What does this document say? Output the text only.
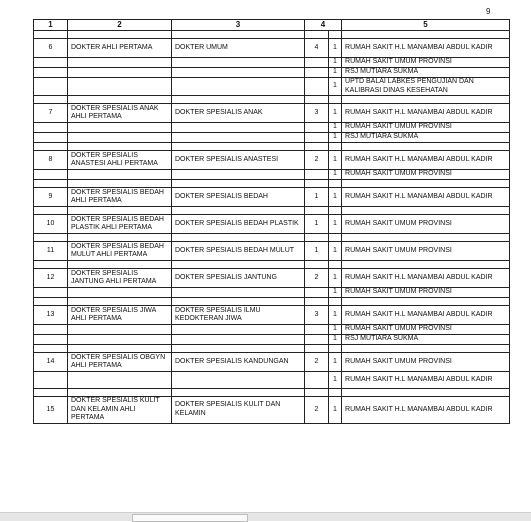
9
1	2	3	4		5

6	DOKTER AHLI PERTAMA	DOKTER UMUM	4	1	RUMAH SAKIT H.L MANAMBAI ABDUL KADIR
				1	RUMAH SAKIT UMUM PROVINSI
				1	RSJ MUTIARA SUKMA
				1	UPTD BALAI LABKES PENGUJIAN DAN KALIBRASI DINAS KESEHATAN

7	DOKTER SPESIALIS ANAK AHLI PERTAMA	DOKTER SPESIALIS ANAK	3	1	RUMAH SAKIT H.L MANAMBAI ABDUL KADIR
				1	RUMAH SAKIT UMUM PROVINSI
				1	RSJ MUTIARA SUKMA

8	DOKTER SPESIALIS ANASTESI AHLI PERTAMA	DOKTER SPESIALIS ANASTESI	2	1	RUMAH SAKIT H.L MANAMBAI ABDUL KADIR
				1	RUMAH SAKIT UMUM PROVINSI

9	DOKTER SPESIALIS BEDAH AHLI PERTAMA	DOKTER SPESIALIS BEDAH	1	1	RUMAH SAKIT H.L MANAMBAI ABDUL KADIR

10	DOKTER SPESIALIS BEDAH PLASTIK AHLI PERTAMA	DOKTER SPESIALIS BEDAH PLASTIK	1	1	RUMAH SAKIT UMUM PROVINSI

11	DOKTER SPESIALIS BEDAH MULUT AHLI PERTAMA	DOKTER SPESIALIS BEDAH MULUT	1	1	RUMAH SAKIT UMUM PROVINSI

12	DOKTER SPESIALIS JANTUNG AHLI PERTAMA	DOKTER SPESIALIS JANTUNG	2	1	RUMAH SAKIT H.L MANAMBAI ABDUL KADIR
				1	RUMAH SAKIT UMUM PROVINSI

13	DOKTER SPESIALIS JIWA AHLI PERTAMA	DOKTER SPESIALIS ILMU KEDOKTERAN JIWA	3	1	RUMAH SAKIT H.L MANAMBAI ABDUL KADIR
				1	RUMAH SAKIT UMUM PROVINSI
				1	RSJ MUTIARA SUKMA

14	DOKTER SPESIALIS OBGYN AHLI PERTAMA	DOKTER SPESIALIS KANDUNGAN	2	1	RUMAH SAKIT UMUM PROVINSI
				1	RUMAH SAKIT H.L MANAMBAI ABDUL KADIR

15	DOKTER SPESIALIS KULIT DAN KELAMIN AHLI PERTAMA	DOKTER SPESIALIS KULIT DAN KELAMIN	2	1	RUMAH SAKIT H.L MANAMBAI ABDUL KADIR
